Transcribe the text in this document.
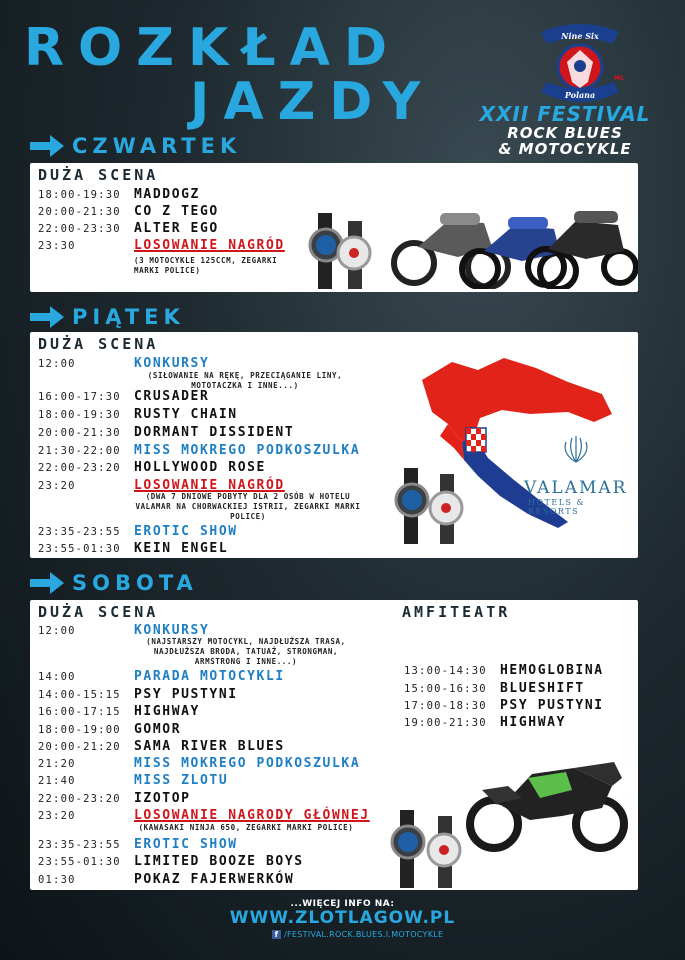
ROZKŁAD
JAZDY
Nine Six
Polana
MC
XXII FESTIVAL
ROCK BLUES
& MOTOCYKLE
CZWARTEK
DUŻA SCENA
18:00-19:30	MADDOGZ
20:00-21:30	CO Z TEGO
22:00-23:30	ALTER EGO
23:30	LOSOWANIE NAGRÓD
(3 MOTOCYKLE 125CCM, ZEGARKI MARKI POLICE)
PIĄTEK
DUŻA SCENA
12:00	KONKURSY
(SIŁOWANIE NA RĘKĘ, PRZECIĄGANIE LINY, MOTOTACZKA I INNE...)
16:00-17:30	CRUSADER
18:00-19:30	RUSTY CHAIN
20:00-21:30	DORMANT DISSIDENT
21:30-22:00	MISS MOKREGO PODKOSZULKA
22:00-23:20	HOLLYWOOD ROSE
23:20	LOSOWANIE NAGRÓD
(DWA 7 DNIOWE POBYTY DLA 2 OSÓB W HOTELU VALAMAR NA CHORWACKIEJ ISTRII, ZEGARKI MARKI POLICE)
23:35-23:55	EROTIC SHOW
23:55-01:30	KEIN ENGEL
VALAMAR
HOTELS & RESORTS
SOBOTA
DUŻA SCENA	AMFITEATR
12:00	KONKURSY
(NAJSTARSZY MOTOCYKL, NAJDŁUŻSZA TRASA, NAJDŁUŻSZA BRODA, TATUAŻ, STRONGMAN, ARMSTRONG I INNE...)
14:00	PARADA MOTOCYKLI
14:00-15:15	PSY PUSTYNI
16:00-17:15	HIGHWAY
18:00-19:00	GOMOR
20:00-21:20	SAMA RIVER BLUES
21:20	MISS MOKREGO PODKOSZULKA
21:40	MISS ZLOTU
22:00-23:20	IZOTOP
23:20	LOSOWANIE NAGRODY GŁÓWNEJ
(KAWASAKI NINJA 650, ZEGARKI MARKI POLICE)
23:35-23:55	EROTIC SHOW
23:55-01:30	LIMITED BOOZE BOYS
01:30	POKAZ FAJERWERKÓW
13:00-14:30	HEMOGLOBINA
15:00-16:30	BLUESHIFT
17:00-18:30	PSY PUSTYNI
19:00-21:30	HIGHWAY
...WIĘCEJ INFO NA:
WWW.ZLOTLAGOW.PL
f /FESTIVAL.ROCK.BLUES.I.MOTOCYKLE
